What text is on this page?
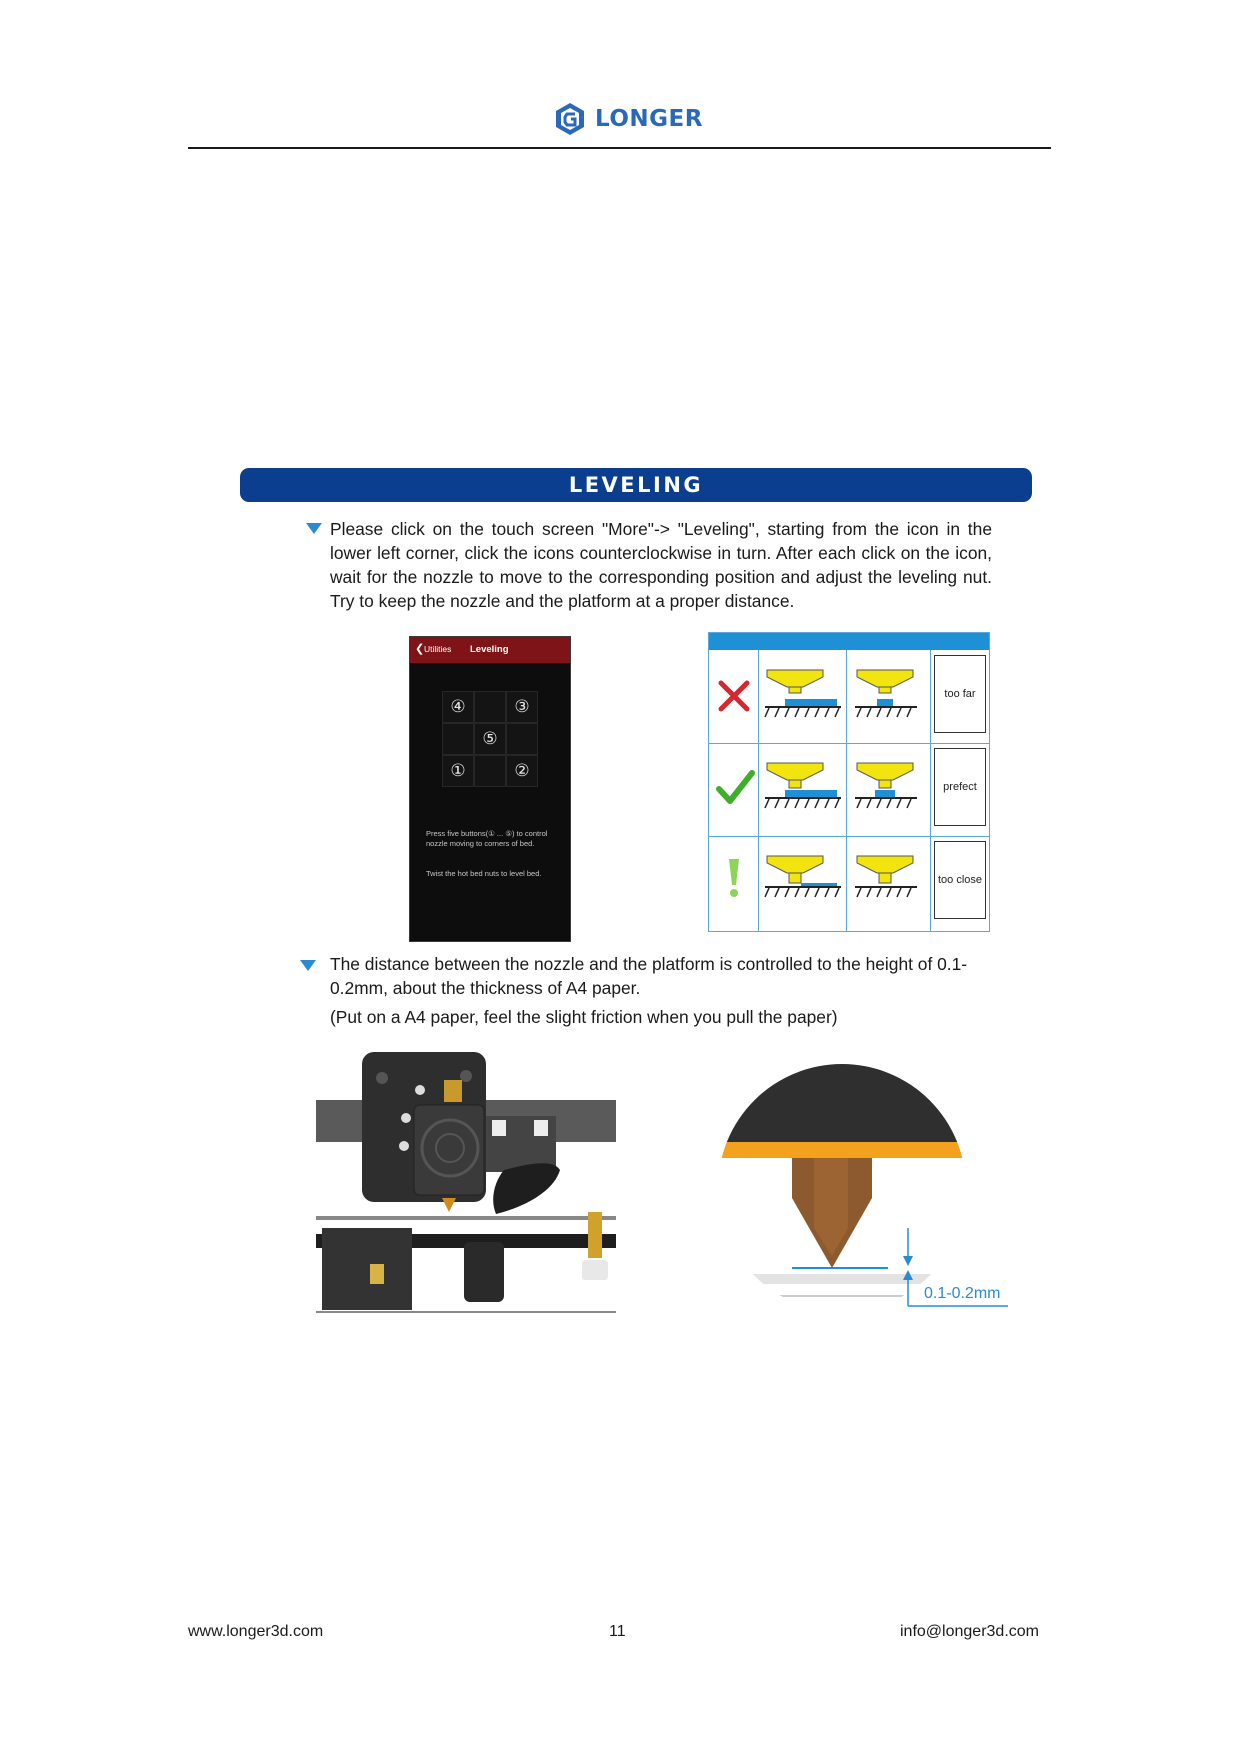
LONGER
LEVELING
Please click on the touch screen "More"-> "Leveling", starting from the icon in the lower left corner, click the icons counterclockwise in turn. After each click on the icon, wait for the nozzle to move to the corresponding position and adjust the leveling nut. Try to keep the nozzle and the platform at a proper distance.
❮ Utilities Leveling
④	③
⑤
①	②
Press five buttons(① ... ⑤) to control nozzle moving to corners of bed.
Twist the hot bed nuts to level bed.
too far
prefect
too close
The distance between the nozzle and the platform is controlled to the height of 0.1-0.2mm, about the thickness of A4 paper.
(Put on a A4 paper, feel the slight friction when you pull the paper)
0.1-0.2mm
www.longer3d.com	11	info@longer3d.com
